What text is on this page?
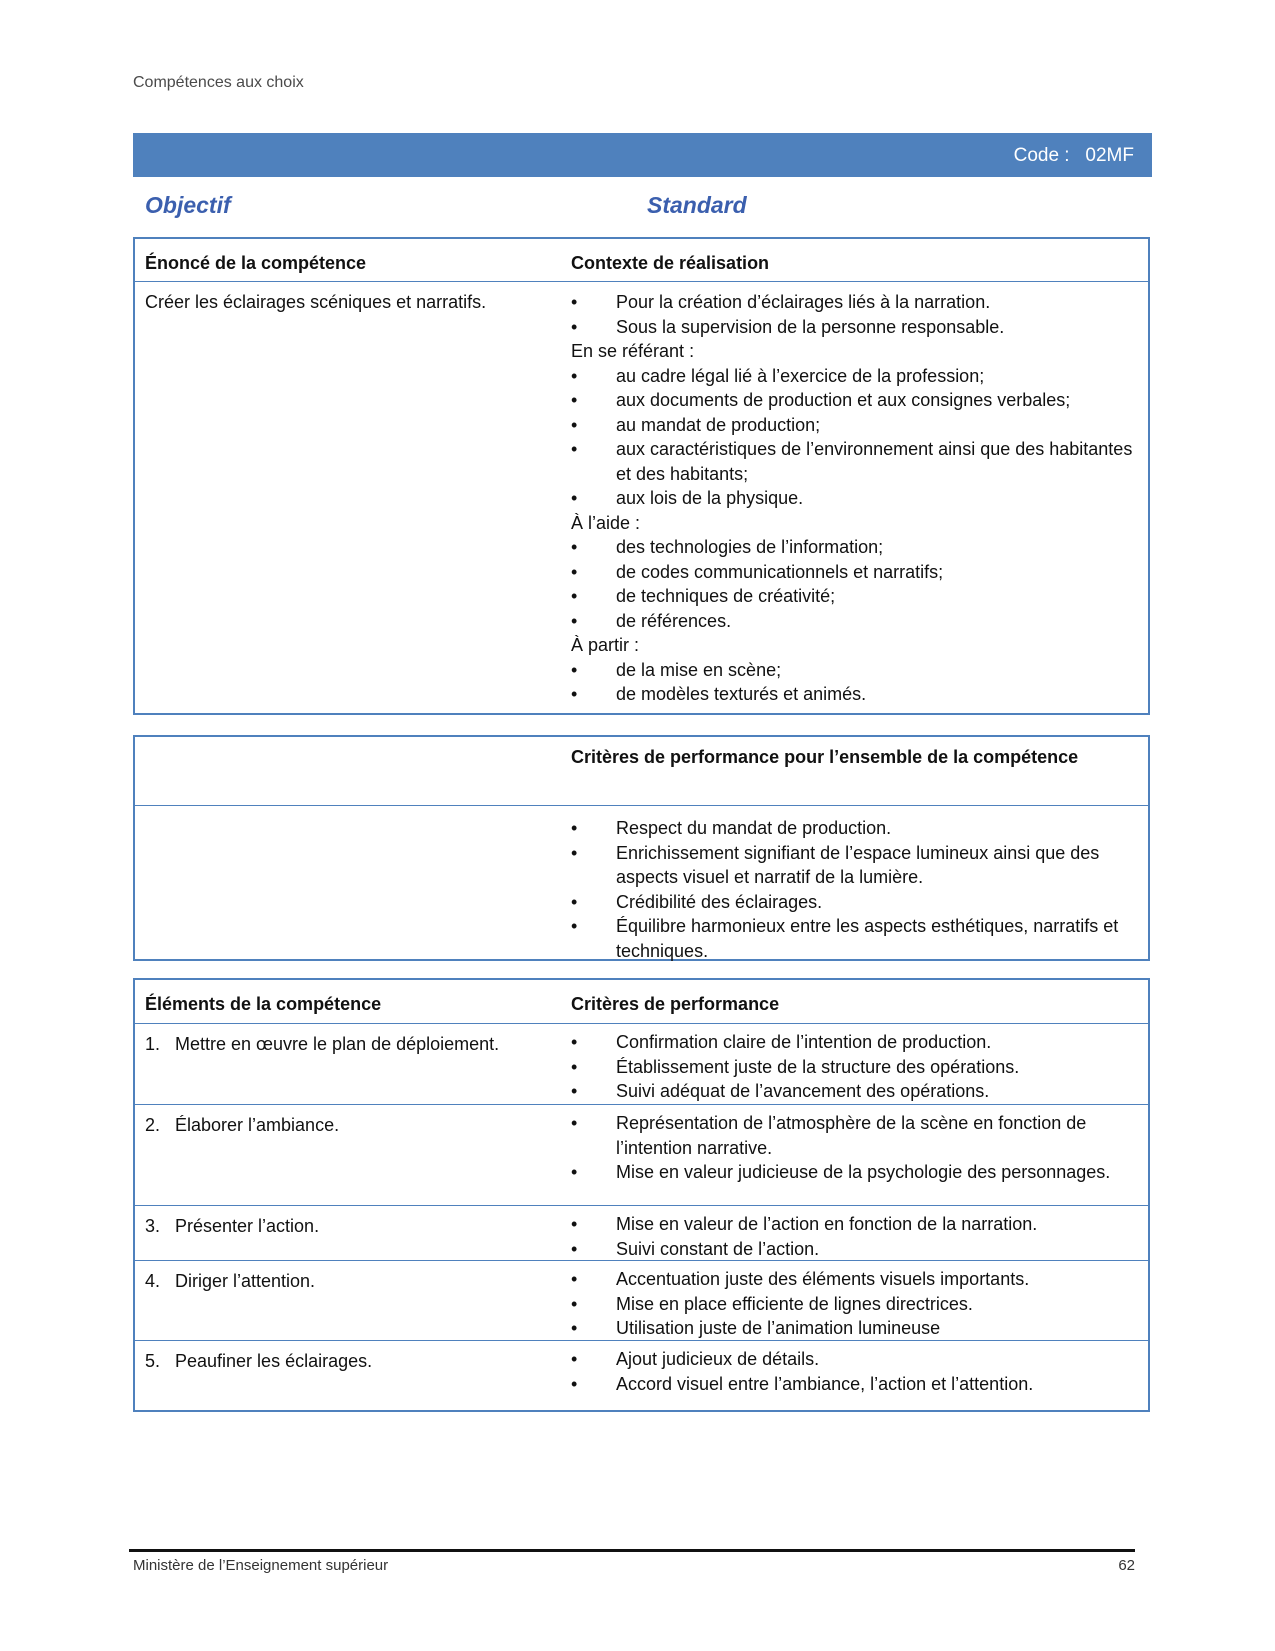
Compétences aux choix
Code : 02MF
Objectif	Standard
Énoncé de la compétence	Contexte de réalisation
Créer les éclairages scéniques et narratifs.	•	Pour la création d’éclairages liés à la narration.
•	Sous la supervision de la personne responsable.
En se référant :
•	au cadre légal lié à l’exercice de la profession;
•	aux documents de production et aux consignes verbales;
•	au mandat de production;
•	aux caractéristiques de l’environnement ainsi que des habitantes et des habitants;
•	aux lois de la physique.
À l’aide :
•	des technologies de l’information;
•	de codes communicationnels et narratifs;
•	de techniques de créativité;
•	de références.
À partir :
•	de la mise en scène;
•	de modèles texturés et animés.
Critères de performance pour l’ensemble de la compétence
•	Respect du mandat de production.
•	Enrichissement signifiant de l’espace lumineux ainsi que des aspects visuel et narratif de la lumière.
•	Crédibilité des éclairages.
•	Équilibre harmonieux entre les aspects esthétiques, narratifs et techniques.
Éléments de la compétence	Critères de performance
1. Mettre en œuvre le plan de déploiement.	•	Confirmation claire de l’intention de production.
•	Établissement juste de la structure des opérations.
•	Suivi adéquat de l’avancement des opérations.
2. Élaborer l’ambiance.	•	Représentation de l’atmosphère de la scène en fonction de l’intention narrative.
•	Mise en valeur judicieuse de la psychologie des personnages.
3. Présenter l’action.	•	Mise en valeur de l’action en fonction de la narration.
•	Suivi constant de l’action.
4. Diriger l’attention.	•	Accentuation juste des éléments visuels importants.
•	Mise en place efficiente de lignes directrices.
•	Utilisation juste de l’animation lumineuse
5. Peaufiner les éclairages.	•	Ajout judicieux de détails.
•	Accord visuel entre l’ambiance, l’action et l’attention.
Ministère de l’Enseignement supérieur	62
